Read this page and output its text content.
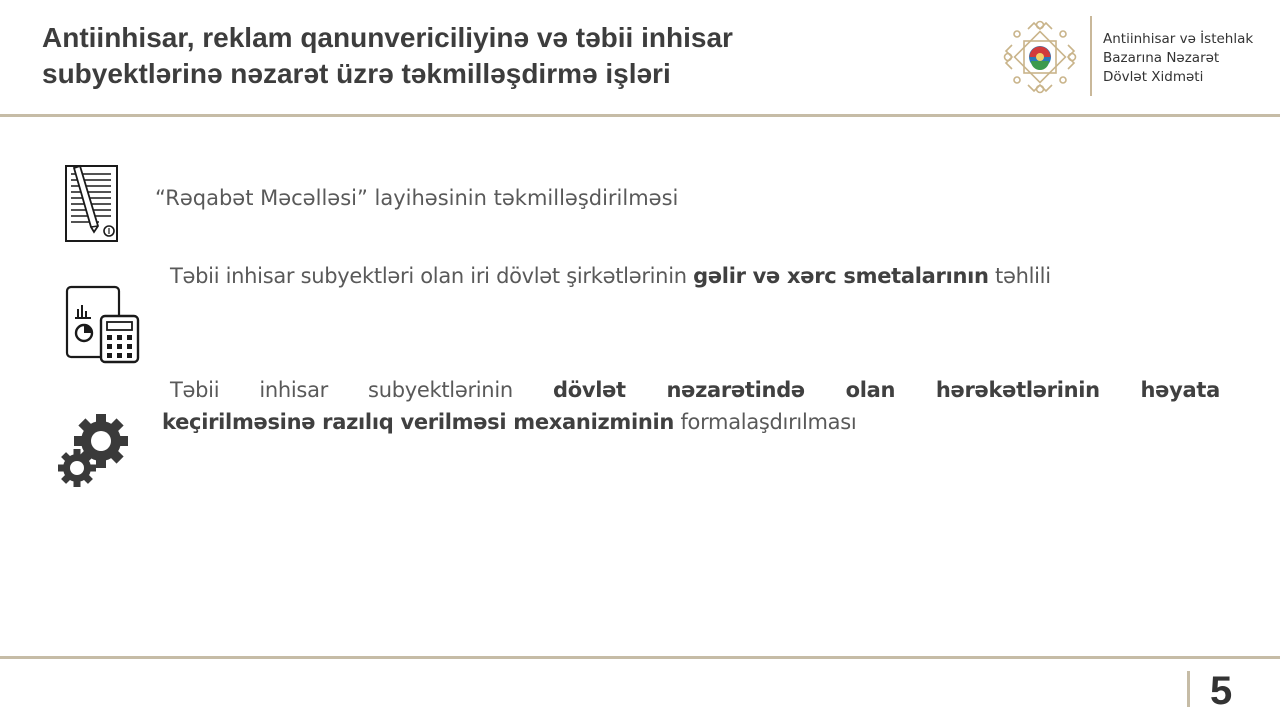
Antiinhisar, reklam qanunvericiliyinə və təbii inhisar
subyektlərinə nəzarət üzrə təkmilləşdirmə işləri
Antiinhisar və İstehlak
Bazarına Nəzarət
Dövlət Xidməti

“Rəqabət Məcəlləsi” layihəsinin təkmilləşdirilməsi

Təbii inhisar subyektləri olan iri dövlət şirkətlərinin gəlir və xərc smetalarının təhlili

Təbii inhisar subyektlərinin dövlət nəzarətində olan hərəkətlərinin həyata
keçirilməsinə razılıq verilməsi mexanizminin formalaşdırılması
5
